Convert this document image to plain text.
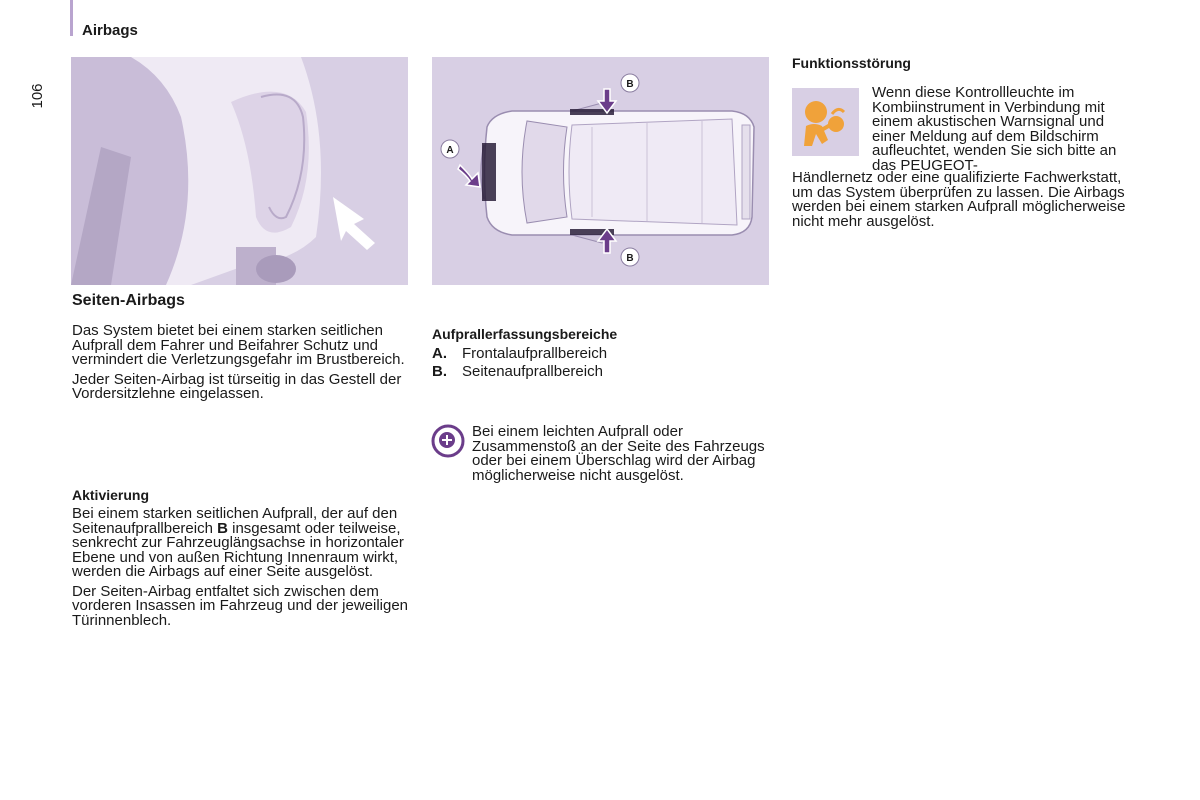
Airbags
106
Seiten-Airbags

Das System bietet bei einem starken seitlichen Aufprall dem Fahrer und Beifahrer Schutz und vermindert die Verletzungsgefahr im Brustbereich.

Jeder Seiten-Airbag ist türseitig in das Gestell der Vordersitzlehne eingelassen.

Aktivierung

Bei einem starken seitlichen Aufprall, der auf den Seitenaufprallbereich B insgesamt oder teilweise, senkrecht zur Fahrzeuglängsachse in horizontaler Ebene und von außen Richtung Innenraum wirkt, werden die Airbags auf einer Seite ausgelöst.

Der Seiten-Airbag entfaltet sich zwischen dem vorderen Insassen im Fahrzeug und der jeweiligen Türinnenblech.

A
B
B
Aufprallerfassungsbereiche
A. Frontalaufprallbereich
B. Seitenaufprallbereich
Bei einem leichten Aufprall oder Zusammenstoß an der Seite des Fahrzeugs oder bei einem Überschlag wird der Airbag möglicherweise nicht ausgelöst.
Funktionsstörung
Wenn diese Kontrollleuchte im Kombiinstrument in Verbindung mit einem akustischen Warnsignal und einer Meldung auf dem Bildschirm aufleuchtet, wenden Sie sich bitte an das PEUGEOT-
Händlernetz oder eine qualifizierte Fachwerkstatt, um das System überprüfen zu lassen. Die Airbags werden bei einem starken Aufprall möglicherweise nicht mehr ausgelöst.
